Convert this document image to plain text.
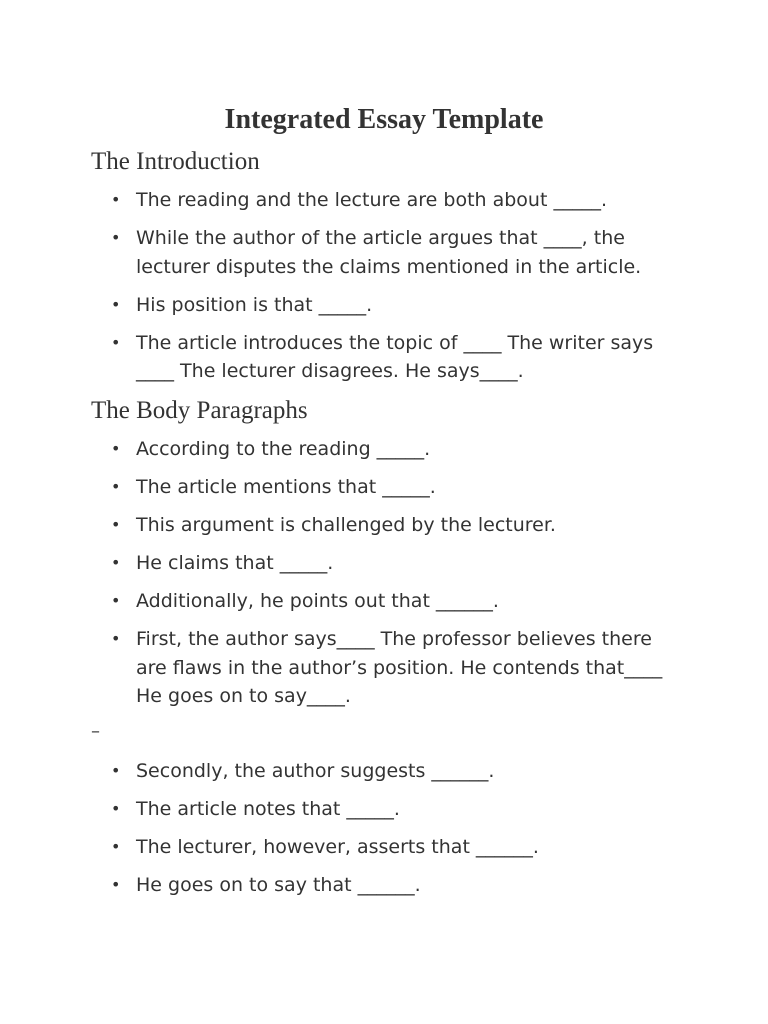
Integrated Essay Template
The Introduction
• The reading and the lecture are both about _____.
• While the author of the article argues that ____, the lecturer disputes the claims mentioned in the article.
• His position is that _____.
• The article introduces the topic of ____ The writer says ____ The lecturer disagrees. He says____.
The Body Paragraphs
• According to the reading _____.
• The article mentions that _____.
• This argument is challenged by the lecturer.
• He claims that _____.
• Additionally, he points out that ______.
• First, the author says____ The professor believes there are flaws in the author’s position. He contends that____ He goes on to say____.

–

• Secondly, the author suggests ______.
• The article notes that _____.
• The lecturer, however, asserts that ______.
• He goes on to say that ______.
